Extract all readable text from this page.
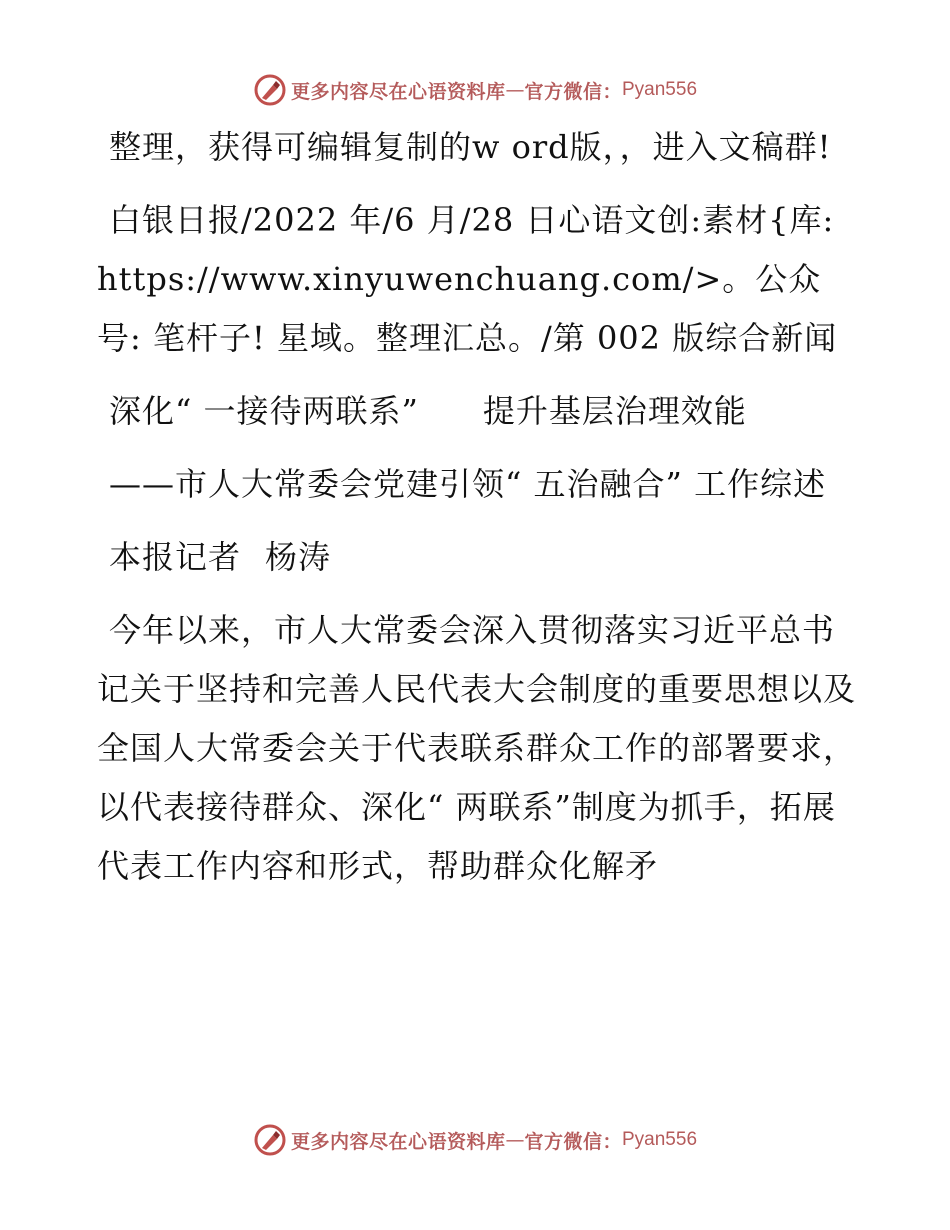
更多内容尽在心语资料库 — 官方微信： Pyan556

整理，获得可编辑复制的w ord版，，进入文稿群!

白银日报/2022 年/6 月/28 日心语文创:素材{库: https://www.xinyuwenchuang.com/>。公众号: 笔杆子! 星域。整理汇总。/第 002 版综合新闻

深化“ 一接待两联系” 提升基层治理效能

——市人大常委会党建引领“ 五治融合” 工作综述

本报记者 杨涛

今年以来，市人大常委会深入贯彻落实习近平总书记关于坚持和完善人民代表大会制度的重要思想以及全国人大常委会关于代表联系群众工作的部署要求，以代表接待群众、深化“ 两联系”制度为抓手，拓展代表工作内容和形式，帮助群众化解矛

更多内容尽在心语资料库 — 官方微信： Pyan556
